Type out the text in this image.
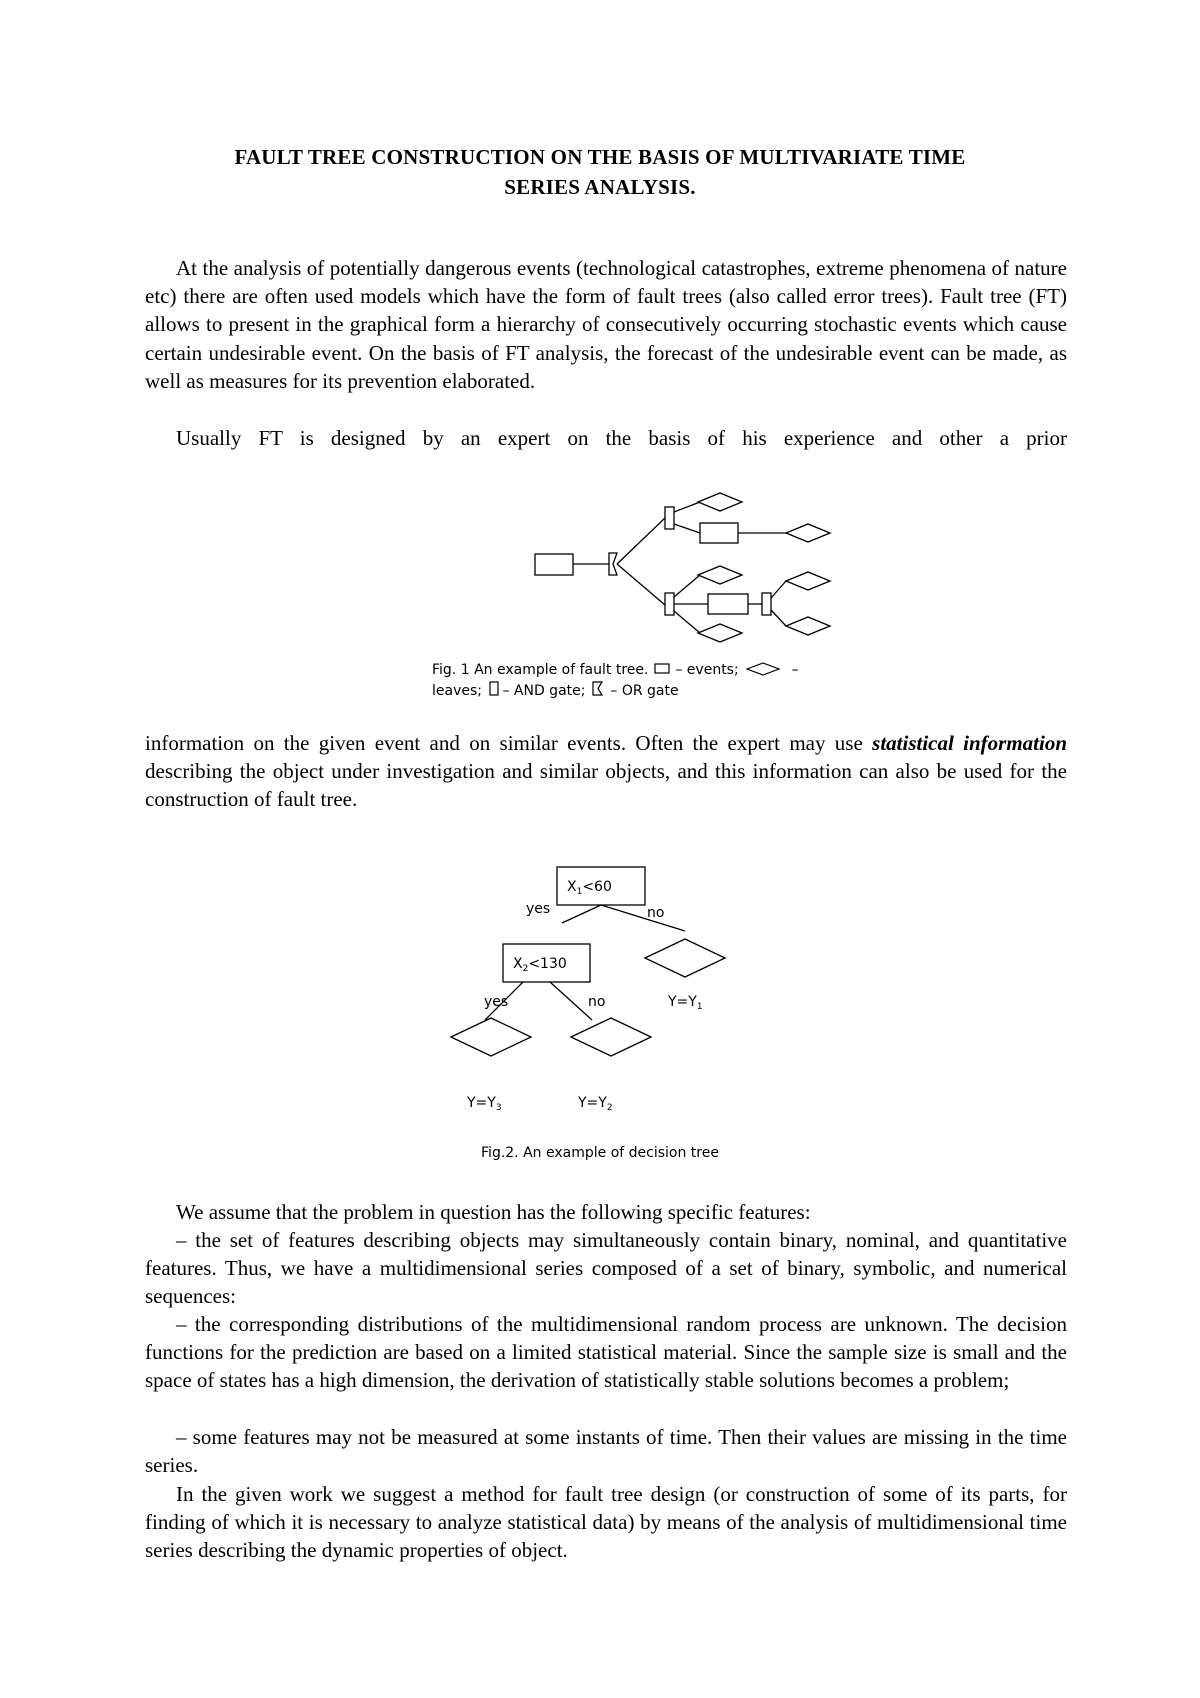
FAULT TREE CONSTRUCTION ON THE BASIS OF MULTIVARIATE TIME
SERIES ANALYSIS.

At the analysis of potentially dangerous events (technological catastrophes, extreme phenomena of nature etc) there are often used models which have the form of fault trees (also called error trees). Fault tree (FT) allows to present in the graphical form a hierarchy of consecutively occurring stochastic events which cause certain undesirable event. On the basis of FT analysis, the forecast of the undesirable event can be made, as well as measures for its prevention elaborated.

Usually FT is designed by an expert on the basis of his experience and other a prior

Fig. 1 An example of fault tree.  – events;	–
leaves; – AND gate;  – OR gate

information on the given event and on similar events. Often the expert may use statistical information describing the object under investigation and similar objects, and this information can also be used for the construction of fault tree.

$X_1<60$
yes	no
$X_2<130$
yes	no	$Y=Y_1$
$Y=Y_3$	$Y=Y_2$
Fig.2. An example of decision tree

We assume that the problem in question has the following specific features:

– the set of features describing objects may simultaneously contain binary, nominal, and quantitative features. Thus, we have a multidimensional series composed of a set of binary, symbolic, and numerical sequences:

– the corresponding distributions of the multidimensional random process are unknown. The decision functions for the prediction are based on a limited statistical material. Since the sample size is small and the space of states has a high dimension, the derivation of statistically stable solutions becomes a problem;

– some features may not be measured at some instants of time. Then their values are missing in the time series.

In the given work we suggest a method for fault tree design (or construction of some of its parts, for finding of which it is necessary to analyze statistical data) by means of the analysis of multidimensional time series describing the dynamic properties of object.
